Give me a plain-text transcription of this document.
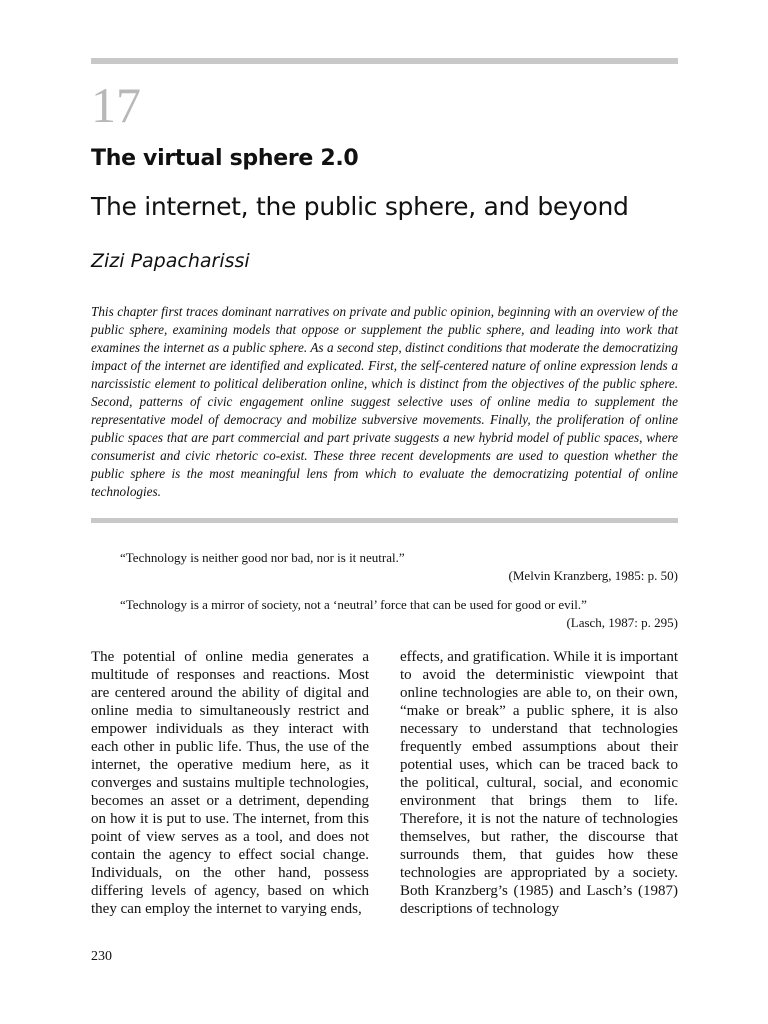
17
The virtual sphere 2.0
The internet, the public sphere, and beyond
Zizi Papacharissi

This chapter first traces dominant narratives on private and public opinion, beginning with an overview of the public sphere, examining models that oppose or supplement the public sphere, and leading into work that examines the internet as a public sphere. As a second step, distinct conditions that moderate the democratizing impact of the internet are identified and explicated. First, the self-centered nature of online expression lends a narcissistic element to political deliberation online, which is distinct from the objectives of the public sphere. Second, patterns of civic engagement online suggest selective uses of online media to supplement the representative model of democracy and mobilize subversive movements. Finally, the proliferation of online public spaces that are part commercial and part private suggests a new hybrid model of public spaces, where consumerist and civic rhetoric co-exist. These three recent developments are used to question whether the public sphere is the most meaningful lens from which to evaluate the democratizing potential of online technologies.

“Technology is neither good nor bad, nor is it neutral.”
(Melvin Kranzberg, 1985: p. 50)
“Technology is a mirror of society, not a ‘neutral’ force that can be used for good or evil.”
(Lasch, 1987: p. 295)

The potential of online media generates a multitude of responses and reactions. Most are centered around the ability of digital and online media to simultaneously restrict and empower individuals as they interact with each other in public life. Thus, the use of the internet, the operative medium here, as it converges and sustains multiple technologies, becomes an asset or a detriment, depending on how it is put to use. The internet, from this point of view serves as a tool, and does not contain the agency to effect social change. Individuals, on the other hand, possess differing levels of agency, based on which they can employ the internet to varying ends,

effects, and gratification. While it is important to avoid the deterministic viewpoint that online technologies are able to, on their own, “make or break” a public sphere, it is also necessary to understand that technologies frequently embed assumptions about their potential uses, which can be traced back to the political, cultural, social, and economic environment that brings them to life. Therefore, it is not the nature of technologies themselves, but rather, the discourse that surrounds them, that guides how these technologies are appropriated by a society. Both Kranzberg’s (1985) and Lasch’s (1987) descriptions of technology

230
